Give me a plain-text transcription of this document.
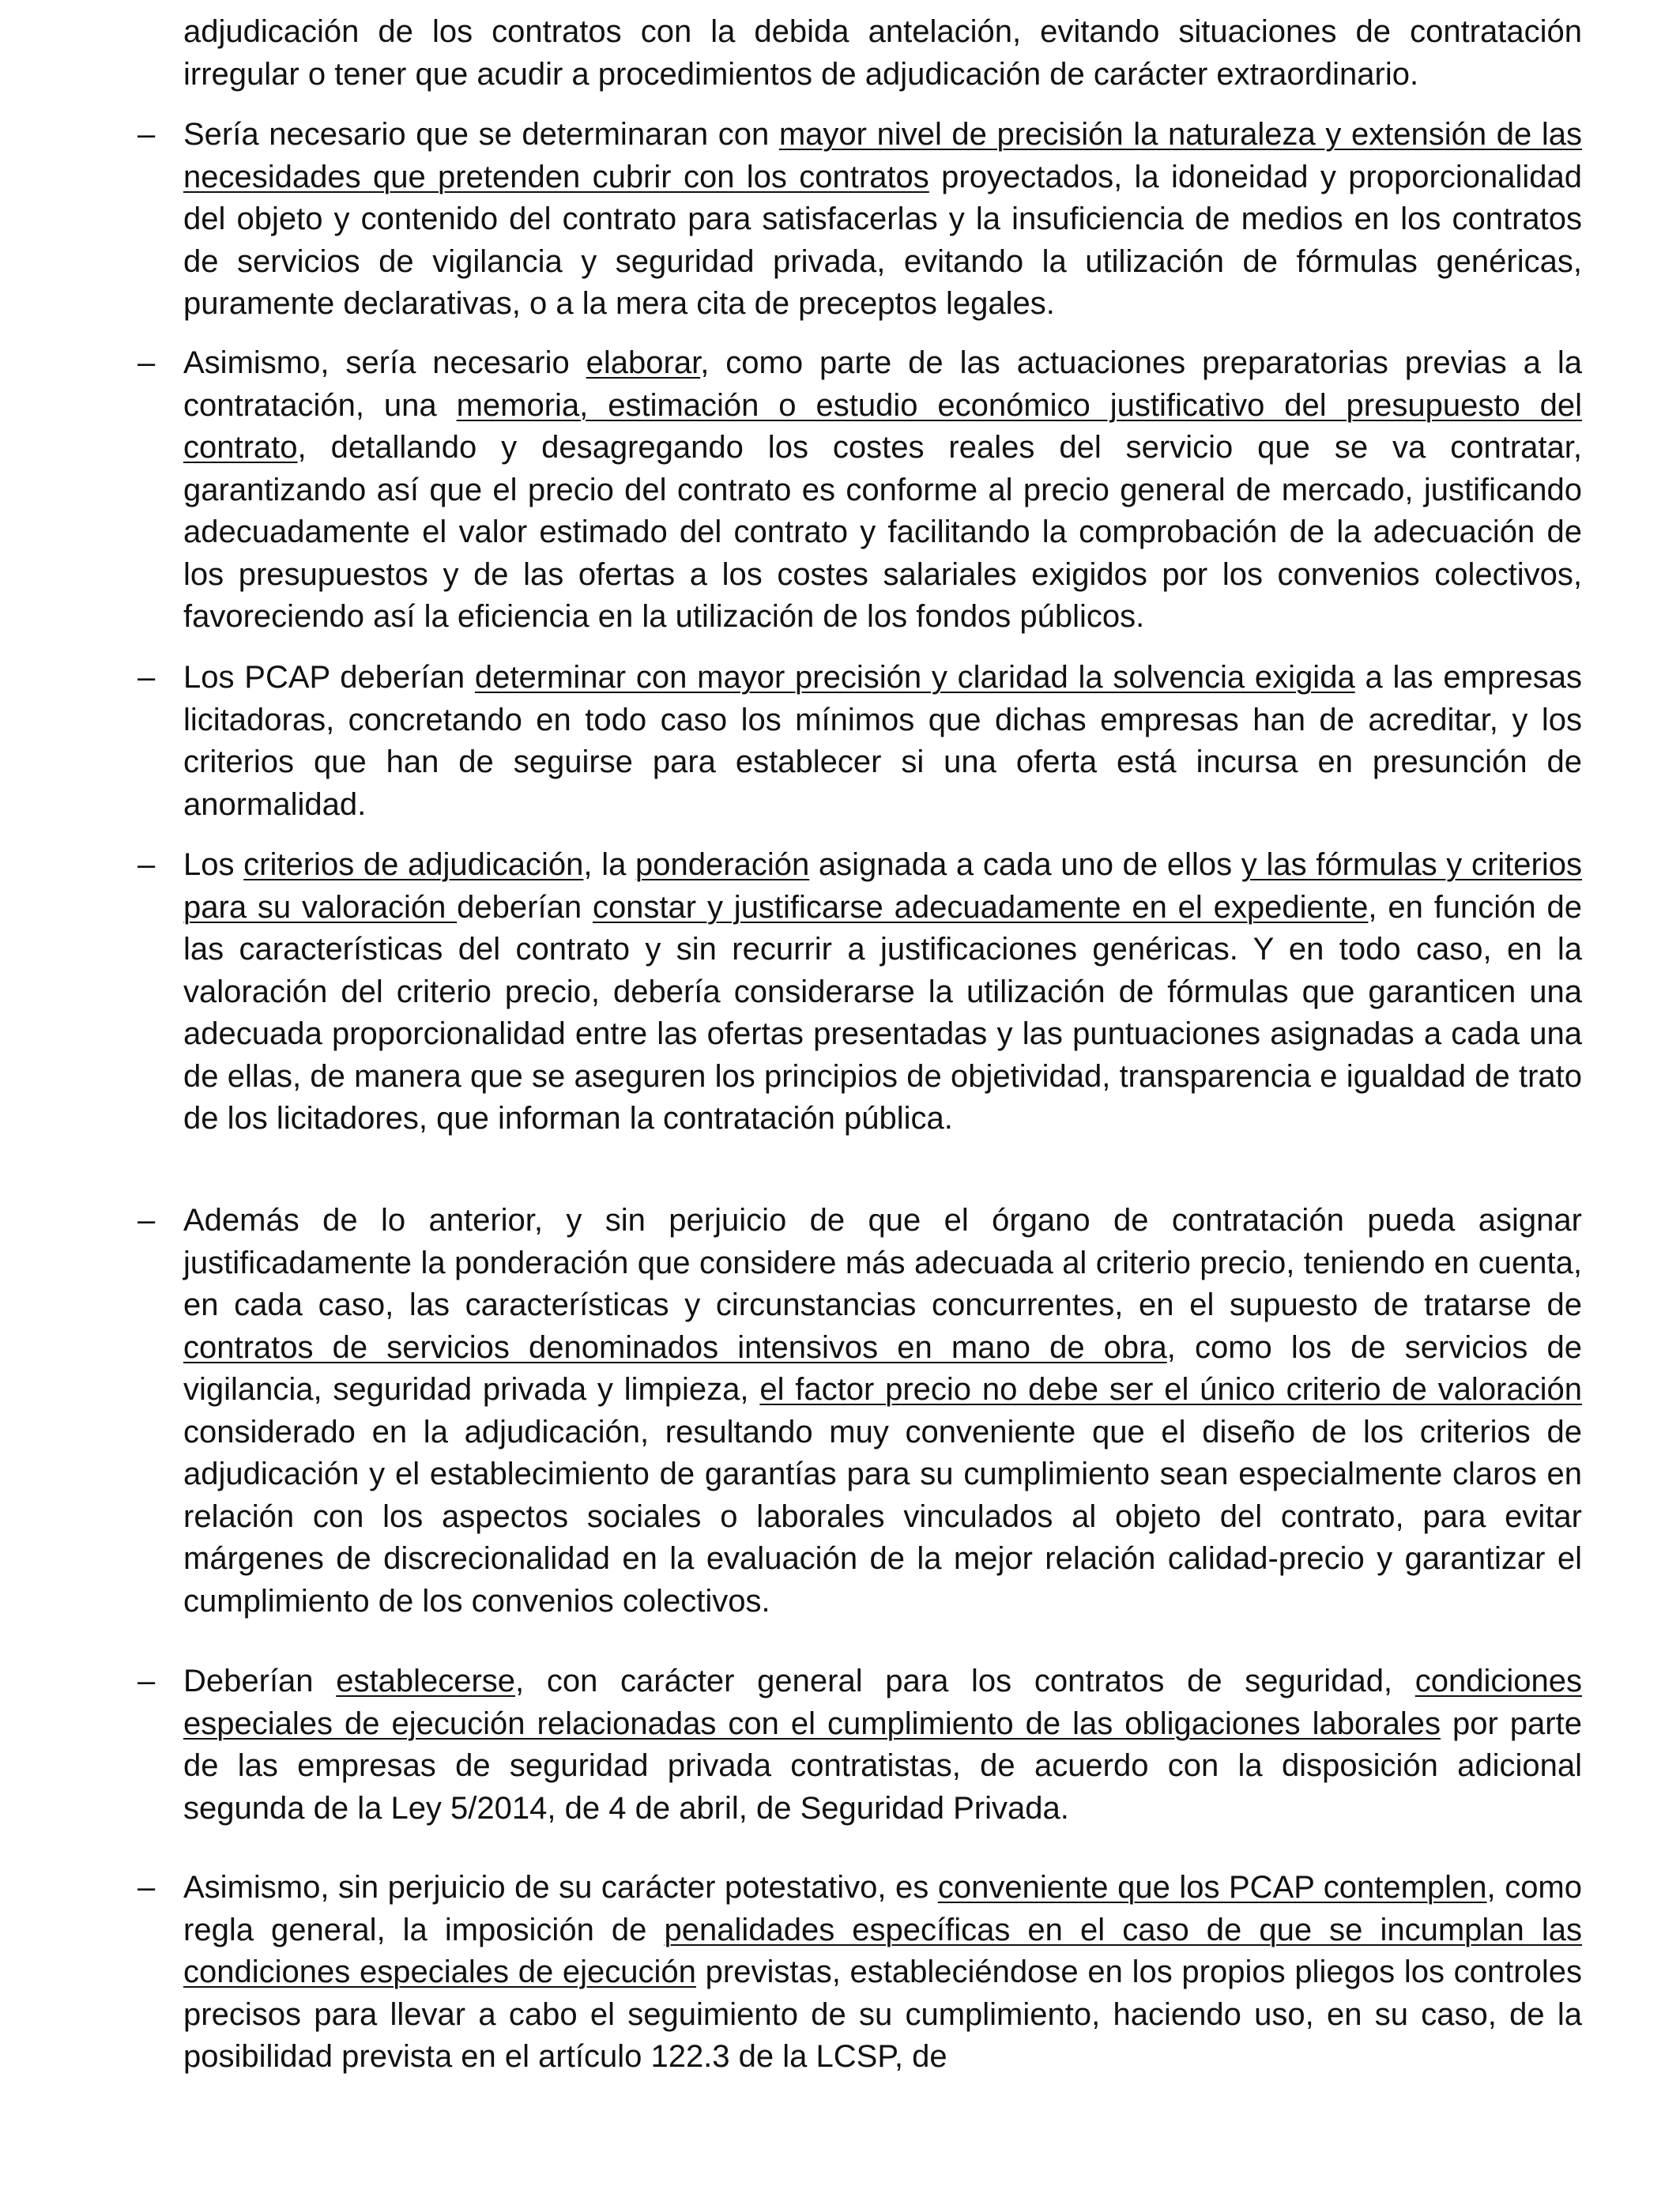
adjudicación de los contratos con la debida antelación, evitando situaciones de contratación irregular o tener que acudir a procedimientos de adjudicación de carácter extraordinario.
– Sería necesario que se determinaran con mayor nivel de precisión la naturaleza y extensión de las necesidades que pretenden cubrir con los contratos proyectados, la idoneidad y proporcionalidad del objeto y contenido del contrato para satisfacerlas y la insuficiencia de medios en los contratos de servicios de vigilancia y seguridad privada, evitando la utilización de fórmulas genéricas, puramente declarativas, o a la mera cita de preceptos legales.
– Asimismo, sería necesario elaborar, como parte de las actuaciones preparatorias previas a la contratación, una memoria, estimación o estudio económico justificativo del presupuesto del contrato, detallando y desagregando los costes reales del servicio que se va contratar, garantizando así que el precio del contrato es conforme al precio general de mercado, justificando adecuadamente el valor estimado del contrato y facilitando la comprobación de la adecuación de los presupuestos y de las ofertas a los costes salariales exigidos por los convenios colectivos, favoreciendo así la eficiencia en la utilización de los fondos públicos.
– Los PCAP deberían determinar con mayor precisión y claridad la solvencia exigida a las empresas licitadoras, concretando en todo caso los mínimos que dichas empresas han de acreditar, y los criterios que han de seguirse para establecer si una oferta está incursa en presunción de anormalidad.
– Los criterios de adjudicación, la ponderación asignada a cada uno de ellos y las fórmulas y criterios para su valoración deberían constar y justificarse adecuadamente en el expediente, en función de las características del contrato y sin recurrir a justificaciones genéricas. Y en todo caso, en la valoración del criterio precio, debería considerarse la utilización de fórmulas que garanticen una adecuada proporcionalidad entre las ofertas presentadas y las puntuaciones asignadas a cada una de ellas, de manera que se aseguren los principios de objetividad, transparencia e igualdad de trato de los licitadores, que informan la contratación pública.
– Además de lo anterior, y sin perjuicio de que el órgano de contratación pueda asignar justificadamente la ponderación que considere más adecuada al criterio precio, teniendo en cuenta, en cada caso, las características y circunstancias concurrentes, en el supuesto de tratarse de contratos de servicios denominados intensivos en mano de obra, como los de servicios de vigilancia, seguridad privada y limpieza, el factor precio no debe ser el único criterio de valoración considerado en la adjudicación, resultando muy conveniente que el diseño de los criterios de adjudicación y el establecimiento de garantías para su cumplimiento sean especialmente claros en relación con los aspectos sociales o laborales vinculados al objeto del contrato, para evitar márgenes de discrecionalidad en la evaluación de la mejor relación calidad-precio y garantizar el cumplimiento de los convenios colectivos.
– Deberían establecerse, con carácter general para los contratos de seguridad, condiciones especiales de ejecución relacionadas con el cumplimiento de las obligaciones laborales por parte de las empresas de seguridad privada contratistas, de acuerdo con la disposición adicional segunda de la Ley 5/2014, de 4 de abril, de Seguridad Privada.
– Asimismo, sin perjuicio de su carácter potestativo, es conveniente que los PCAP contemplen, como regla general, la imposición de penalidades específicas en el caso de que se incumplan las condiciones especiales de ejecución previstas, estableciéndose en los propios pliegos los controles precisos para llevar a cabo el seguimiento de su cumplimiento, haciendo uso, en su caso, de la posibilidad prevista en el artículo 122.3 de la LCSP, de
